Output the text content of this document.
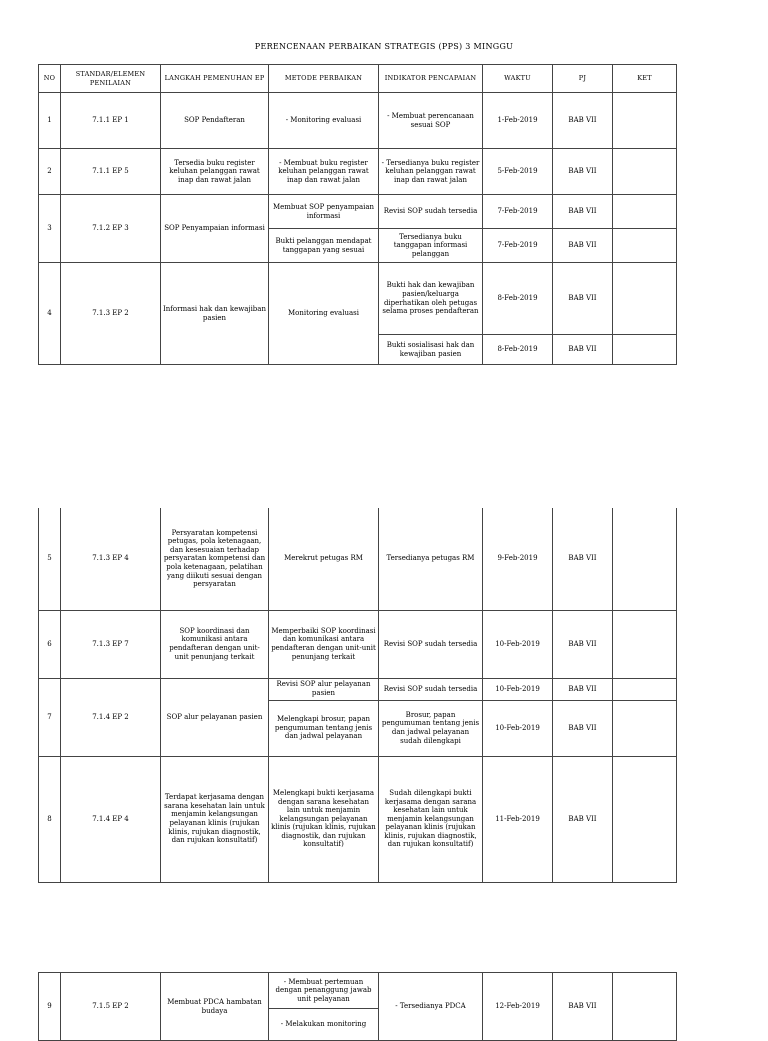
PERENCENAAN PERBAIKAN STRATEGIS (PPS) 3 MINGGU
NO	STANDAR/ELEMEN PENILAIAN	LANGKAH PEMENUHAN EP	METODE PERBAIKAN	INDIKATOR PENCAPAIAN	WAKTU	PJ	KET
1	7.1.1 EP 1	SOP Pendafteran	- Monitoring evaluasi	- Membuat perencanaan sesuai SOP	1-Feb-2019	BAB VII	
2	7.1.1 EP 5	Tersedia buku register keluhan pelanggan rawat inap dan rawat jalan	- Membuat buku register keluhan pelanggan rawat inap dan rawat jalan	- Tersedianya buku register keluhan pelanggan rawat inap dan rawat jalan	5-Feb-2019	BAB VII	
3	7.1.2 EP 3	SOP Penyampaian informasi	Membuat SOP penyampaian informasi	Revisi SOP sudah tersedia	7-Feb-2019	BAB VII	
			Bukti pelanggan mendapat tanggapan yang sesuai	Tersedianya buku tanggapan informasi pelanggan	7-Feb-2019	BAB VII	
4	7.1.3 EP 2	Informasi hak dan kewajiban pasien	Monitoring evaluasi	Bukti hak dan kewajiban pasien/keluarga diperhatikan oleh petugas selama proses pendafteran	8-Feb-2019	BAB VII	
				Bukti sosialisasi hak dan kewajiban pasien	8-Feb-2019	BAB VII	
5	7.1.3 EP 4	Persyaratan kompetensi petugas, pola ketenagaan, dan kesesuaian terhadap persyaratan kompetensi dan pola ketenagaan, pelatihan yang diikuti sesuai dengan persyaratan	Merekrut petugas RM	Tersedianya petugas RM	9-Feb-2019	BAB VII	
6	7.1.3 EP 7	SOP koordinasi dan komunikasi antara pendafteran dengan unit-unit penunjang terkait	Memperbaiki SOP koordinasi dan komunikasi antara pendafteran dengan unit-unit penunjang terkait	Revisi SOP sudah tersedia	10-Feb-2019	BAB VII	
7	7.1.4 EP 2	SOP alur pelayanan pasien	Revisi SOP alur pelayanan pasien	Revisi SOP sudah tersedia	10-Feb-2019	BAB VII	
			Melengkapi brosur, papan pengumuman tentang jenis dan jadwal pelayanan	Brosur, papan pengumuman tentang jenis dan jadwal pelayanan sudah dilengkapi	10-Feb-2019	BAB VII	
8	7.1.4 EP 4	Terdapat kerjasama dengan sarana kesehatan lain untuk menjamin kelangsungan pelayanan klinis (rujukan klinis, rujukan diagnostik, dan rujukan konsultatif)	Melengkapi bukti kerjasama dengan sarana kesehatan lain untuk menjamin kelangsungan pelayanan klinis (rujukan klinis, rujukan diagnostik, dan rujukan konsultatif)	Sudah dilengkapi bukti kerjasama dengan sarana kesehatan lain untuk menjamin kelangsungan pelayanan klinis (rujukan klinis, rujukan diagnostik, dan rujukan konsultatif)	11-Feb-2019	BAB VII	
9	7.1.5 EP 2	Membuat PDCA hambatan budaya	- Membuat pertemuan dengan penanggung jawab unit pelayanan	- Tersedianya PDCA	12-Feb-2019	BAB VII	
- Melakukan monitoring
